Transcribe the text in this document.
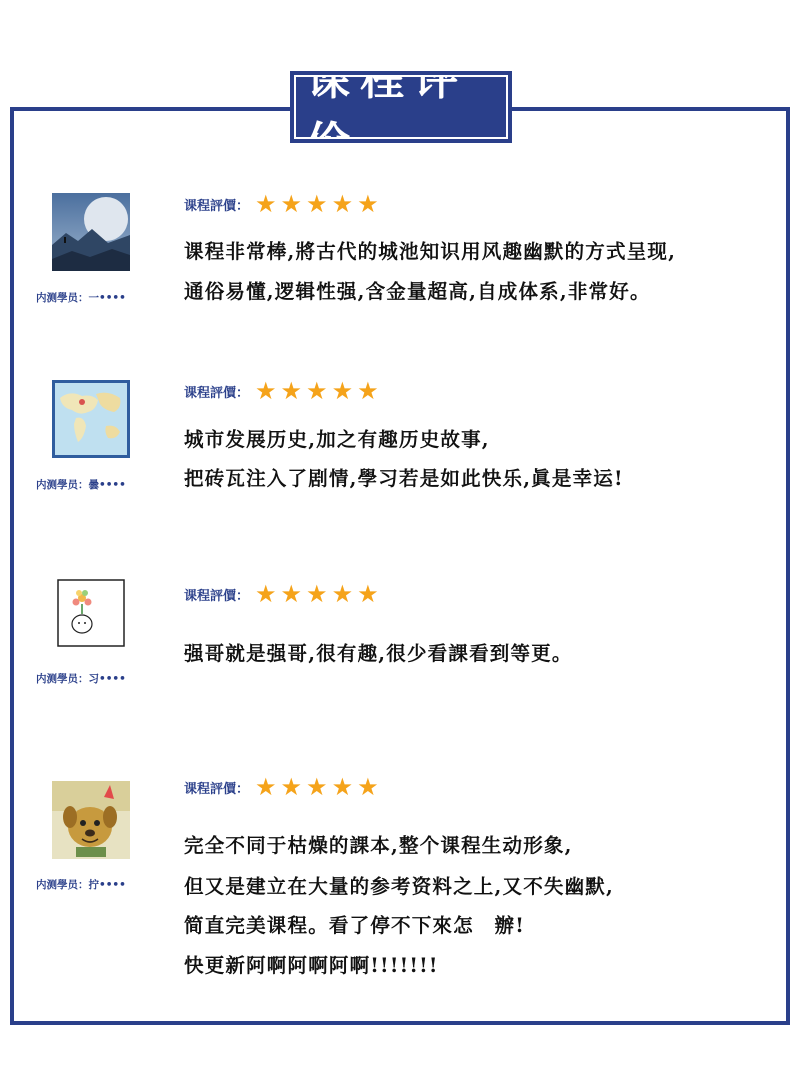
课程评价
内测學员：一••••
课程評價： ★ ★ ★ ★ ★
课程非常棒,將古代的城池知识用风趣幽默的方式呈现,
通俗易懂,逻辑性强,含金量超高,自成体系,非常好。
内测學员：曇••••
课程評價： ★ ★ ★ ★ ★
城市发展历史,加之有趣历史故事,
把砖瓦注入了剧情,學习若是如此快乐,眞是幸运!
内测學员：习••••
课程評價： ★ ★ ★ ★ ★
强哥就是强哥,很有趣,很少看課看到等更。
内测學员：拧••••
课程評價： ★ ★ ★ ★ ★
完全不同于枯燥的課本,整个课程生动形象,
但又是建立在大量的参考资料之上,又不失幽默,
简直完美课程。看了停不下來怎　辦!
快更新阿啊阿啊阿啊!!!!!!!
